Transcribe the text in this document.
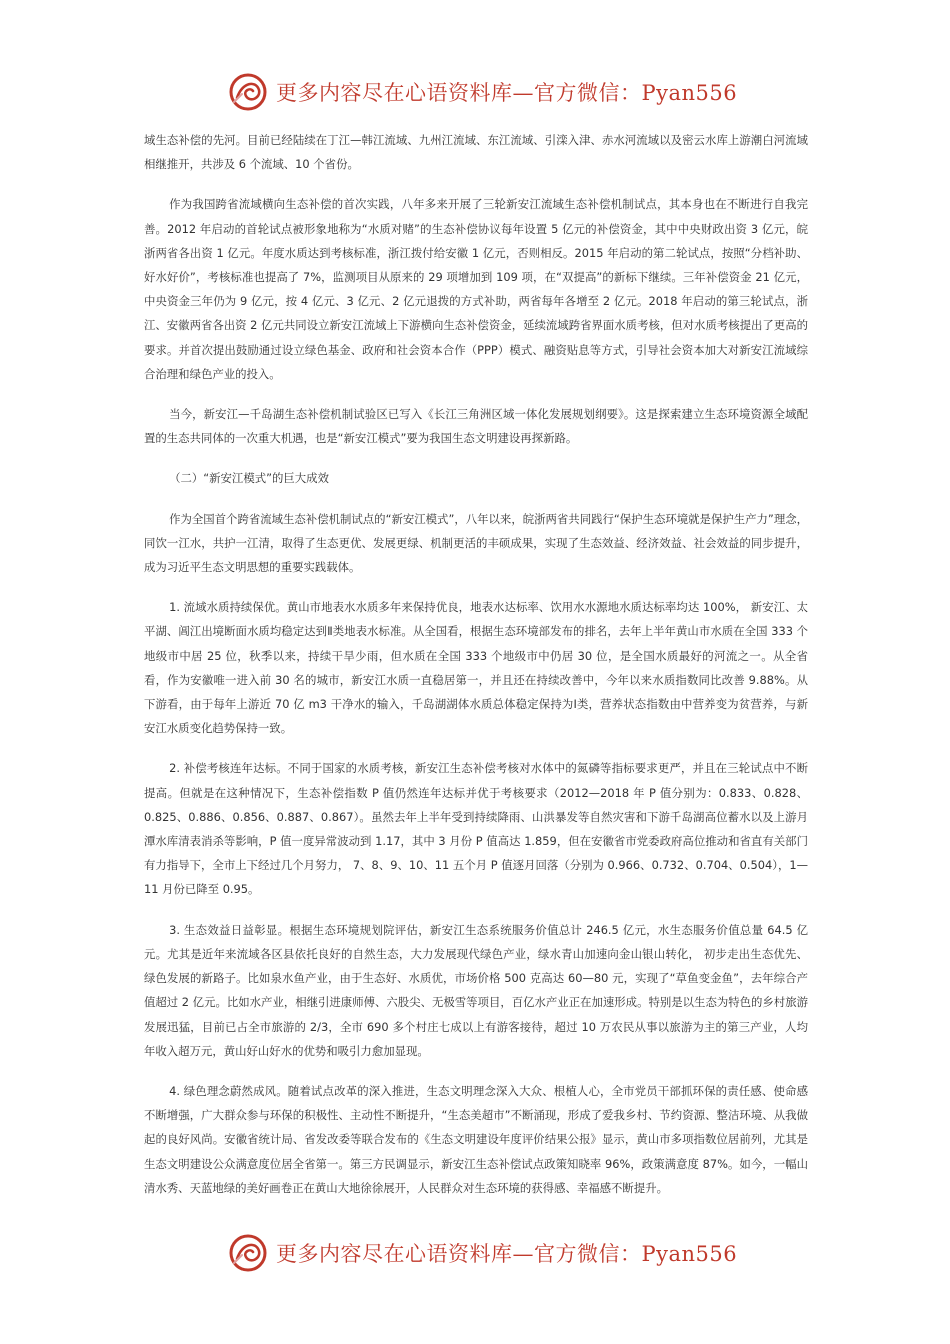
更多内容尽在心语资料库—官方微信：Pyan556

域生态补偿的先河。目前已经陆续在丁江—韩江流域、九州江流域、东江流域、引滦入津、赤水河流域以及密云水库上游潮白河流域相继推开，共涉及 6 个流域、10 个省份。

作为我国跨省流域横向生态补偿的首次实践，八年多来开展了三轮新安江流域生态补偿机制试点，其本身也在不断进行自我完善。2012 年启动的首轮试点被形象地称为“水质对赌”的生态补偿协议每年设置 5 亿元的补偿资金，其中中央财政出资 3 亿元，皖浙两省各出资 1 亿元。年度水质达到考核标准，浙江拨付给安徽 1 亿元，否则相反。2015 年启动的第二轮试点，按照“分档补助、好水好价”，考核标准也提高了 7%，监测项目从原来的 29 项增加到 109 项，在“双提高”的新标下继续。三年补偿资金 21 亿元，中央资金三年仍为 9 亿元，按 4 亿元、3 亿元、2 亿元退拨的方式补助，两省每年各增至 2 亿元。2018 年启动的第三轮试点，浙江、安徽两省各出资 2 亿元共同设立新安江流域上下游横向生态补偿资金，延续流域跨省界面水质考核，但对水质考核提出了更高的要求。并首次提出鼓励通过设立绿色基金、政府和社会资本合作（PPP）模式、融资贴息等方式，引导社会资本加大对新安江流域综合治理和绿色产业的投入。

当今，新安江—千岛湖生态补偿机制试验区已写入《长江三角洲区域一体化发展规划纲要》。这是探索建立生态环境资源全域配置的生态共同体的一次重大机遇，也是“新安江模式”要为我国生态文明建设再探新路。

（二）“新安江模式”的巨大成效

作为全国首个跨省流域生态补偿机制试点的“新安江模式”，八年以来，皖浙两省共同践行“保护生态环境就是保护生产力”理念，同饮一江水，共护一江清，取得了生态更优、发展更绿、机制更活的丰硕成果，实现了生态效益、经济效益、社会效益的同步提升，成为习近平生态文明思想的重要实践载体。

1. 流域水质持续保优。黄山市地表水水质多年来保持优良，地表水达标率、饮用水水源地水质达标率均达 100%， 新安江、太平湖、阊江出境断面水质均稳定达到Ⅱ类地表水标准。从全国看，根据生态环境部发布的排名，去年上半年黄山市水质在全国 333 个地级市中居 25 位，秋季以来，持续干旱少雨，但水质在全国 333 个地级市中仍居 30 位，是全国水质最好的河流之一。从全省看，作为安徽唯一进入前 30 名的城市，新安江水质一直稳居第一，并且还在持续改善中，今年以来水质指数同比改善 9.88%。从下游看，由于每年上游近 70 亿 m3 干净水的输入，千岛湖湖体水质总体稳定保持为Ⅰ类，营养状态指数由中营养变为贫营养，与新安江水质变化趋势保持一致。

2. 补偿考核连年达标。不同于国家的水质考核，新安江生态补偿考核对水体中的氮磷等指标要求更严，并且在三轮试点中不断提高。但就是在这种情况下，生态补偿指数 P 值仍然连年达标并优于考核要求（2012—2018 年 P 值分别为：0.833、0.828、0.825、0.886、0.856、0.887、0.867）。虽然去年上半年受到持续降雨、山洪暴发等自然灾害和下游千岛湖高位蓄水以及上游月潭水库清表消杀等影响，P 值一度异常波动到 1.17，其中 3 月份 P 值高达 1.859，但在安徽省市党委政府高位推动和省直有关部门有力指导下，全市上下经过几个月努力， 7、8、9、10、11 五个月 P 值逐月回落（分别为 0.966、0.732、0.704、0.504），1—11 月份已降至 0.95。

3. 生态效益日益彰显。根据生态环境规划院评估，新安江生态系统服务价值总计 246.5 亿元，水生态服务价值总量 64.5 亿元。尤其是近年来流域各区县依托良好的自然生态，大力发展现代绿色产业，绿水青山加速向金山银山转化， 初步走出生态优先、绿色发展的新路子。比如泉水鱼产业，由于生态好、水质优，市场价格 500 克高达 60—80 元，实现了“草鱼变金鱼”，去年综合产值超过 2 亿元。比如水产业，相继引进康师傅、六股尖、无极雪等项目，百亿水产业正在加速形成。特别是以生态为特色的乡村旅游发展迅猛，目前已占全市旅游的 2/3，全市 690 多个村庄七成以上有游客接待，超过 10 万农民从事以旅游为主的第三产业，人均年收入超万元，黄山好山好水的优势和吸引力愈加显现。

4. 绿色理念蔚然成风。随着试点改革的深入推进，生态文明理念深入大众、根植人心，全市党员干部抓环保的责任感、使命感不断增强，广大群众参与环保的积极性、主动性不断提升，“生态美超市”不断涌现，形成了爱我乡村、节约资源、整洁环境、从我做起的良好风尚。安徽省统计局、省发改委等联合发布的《生态文明建设年度评价结果公报》显示，黄山市多项指数位居前列，尤其是生态文明建设公众满意度位居全省第一。第三方民调显示，新安江生态补偿试点政策知晓率 96%，政策满意度 87%。如今，一幅山清水秀、天蓝地绿的美好画卷正在黄山大地徐徐展开，人民群众对生态环境的获得感、幸福感不断提升。

更多内容尽在心语资料库—官方微信：Pyan556
